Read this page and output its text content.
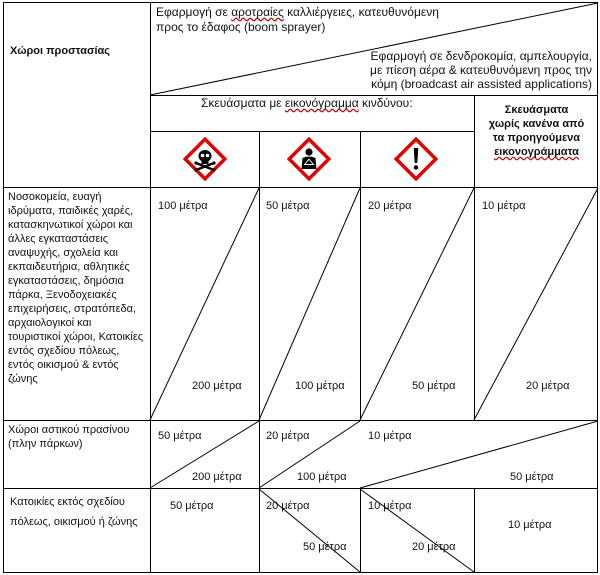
Χώροι προστασίας
Εφαρμογή σε αροτραίες καλλιέργειες, κατευθυνόμενη
προς το έδαφος (boom sprayer)
Εφαρμογή σε δενδροκομία, αμπελουργία,
με πίεση αέρα & κατευθυνόμενη προς την
κόμη (broadcast air assisted applications)
Σκευάσματα με εικονόγραμμα κινδύνου:	Σκευάσματα
χωρίς κανένα από
τα προηγούμενα
εικονογράμματα
Νοσοκομεία, ευαγή ιδρύματα, παιδικές χαρές, κατασκηνωτικοί χώροι και άλλες εγκαταστάσεις αναψυχής, σχολεία και εκπαιδευτήρια, αθλητικές εγκαταστάσεις, δημόσια πάρκα, Ξενοδοχειακές επιχειρήσεις, στρατόπεδα, αρχαιολογικοί και τουριστικοί χώροι, Κατοικίες εντός σχεδίου πόλεως, εντός οικισμού & εντός ζώνης
100 μέτρα
200 μέτρα
50 μέτρα
100 μέτρα
20 μέτρα
50 μέτρα
10 μέτρα
20 μέτρα
Χώροι αστικού πρασίνου (πλην πάρκων)
50 μέτρα
200 μέτρα
20 μέτρα
100 μέτρα
10 μέτρα
50 μέτρα
Κατοικίες εκτός σχεδίου πόλεως, οικισμού ή ζώνης
50 μέτρα	20 μέτρα
50 μέτρα
10 μέτρα
20 μέτρα
10 μέτρα
